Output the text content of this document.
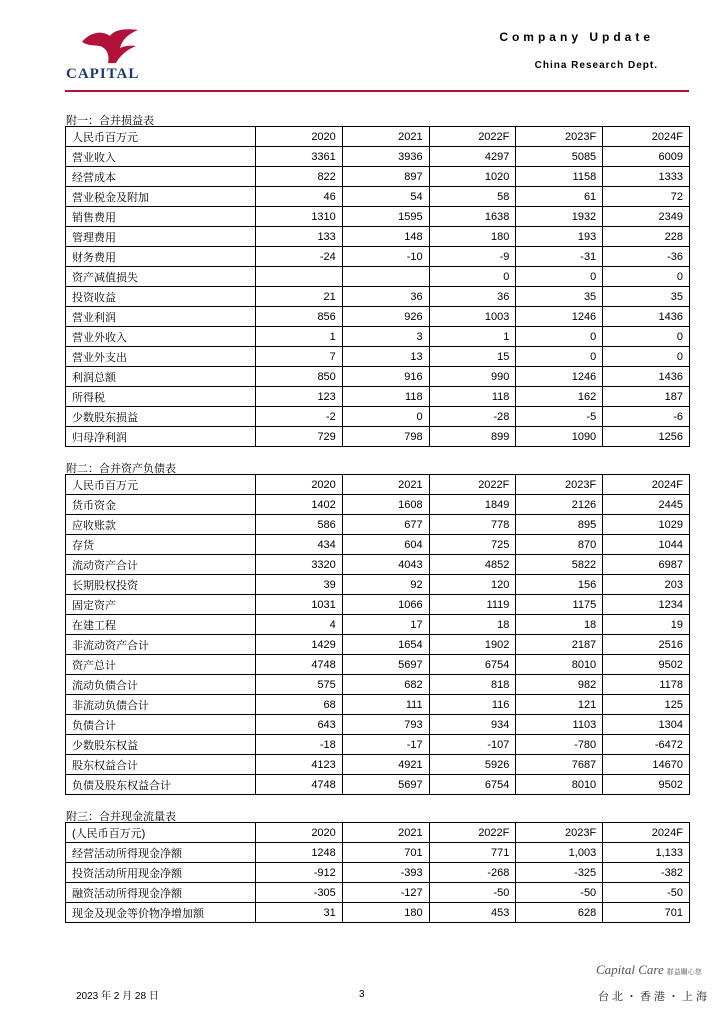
CAPITAL
Company Update
China Research Dept.
附一：合并损益表
人民币百万元	2020	2021	2022F	2023F	2024F
营业收入	3361	3936	4297	5085	6009
经营成本	822	897	1020	1158	1333
营业税金及附加	46	54	58	61	72
销售费用	1310	1595	1638	1932	2349
管理费用	133	148	180	193	228
财务费用	-24	-10	-9	-31	-36
资产减值损失			0	0	0
投资收益	21	36	36	35	35
营业利润	856	926	1003	1246	1436
营业外收入	1	3	1	0	0
营业外支出	7	13	15	0	0
利润总额	850	916	990	1246	1436
所得税	123	118	118	162	187
少数股东损益	-2	0	-28	-5	-6
归母净利润	729	798	899	1090	1256
附二：合并资产负债表
人民币百万元	2020	2021	2022F	2023F	2024F
货币资金	1402	1608	1849	2126	2445
应收账款	586	677	778	895	1029
存货	434	604	725	870	1044
流动资产合计	3320	4043	4852	5822	6987
长期股权投资	39	92	120	156	203
固定资产	1031	1066	1119	1175	1234
在建工程	4	17	18	18	19
非流动资产合计	1429	1654	1902	2187	2516
资产总计	4748	5697	6754	8010	9502
流动负债合计	575	682	818	982	1178
非流动负债合计	68	111	116	121	125
负债合计	643	793	934	1103	1304
少数股东权益	-18	-17	-107	-780	-6472
股东权益合计	4123	4921	5926	7687	14670
负债及股东权益合计	4748	5697	6754	8010	9502
附三：合并现金流量表
(人民币百万元)	2020	2021	2022F	2023F	2024F
经营活动所得现金净额	1248	701	771	1,003	1,133
投资活动所用现金净额	-912	-393	-268	-325	-382
融资活动所得现金净额	-305	-127	-50	-50	-50
现金及现金等价物净增加额	31	180	453	628	701
2023 年 2 月 28 日	3
Capital Care 群益關心您
台北・香港・上海
